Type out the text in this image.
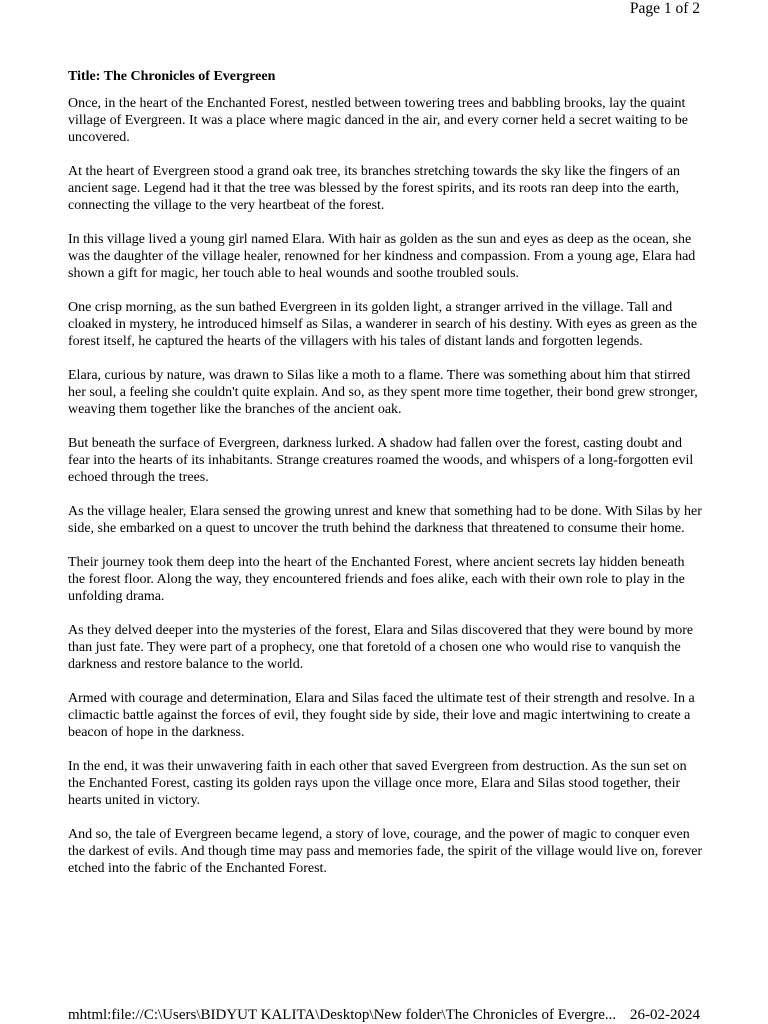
Page 1 of 2
Title: The Chronicles of Evergreen

Once, in the heart of the Enchanted Forest, nestled between towering trees and babbling brooks, lay the quaint village of Evergreen. It was a place where magic danced in the air, and every corner held a secret waiting to be uncovered.

At the heart of Evergreen stood a grand oak tree, its branches stretching towards the sky like the fingers of an ancient sage. Legend had it that the tree was blessed by the forest spirits, and its roots ran deep into the earth, connecting the village to the very heartbeat of the forest.

In this village lived a young girl named Elara. With hair as golden as the sun and eyes as deep as the ocean, she was the daughter of the village healer, renowned for her kindness and compassion. From a young age, Elara had shown a gift for magic, her touch able to heal wounds and soothe troubled souls.

One crisp morning, as the sun bathed Evergreen in its golden light, a stranger arrived in the village. Tall and cloaked in mystery, he introduced himself as Silas, a wanderer in search of his destiny. With eyes as green as the forest itself, he captured the hearts of the villagers with his tales of distant lands and forgotten legends.

Elara, curious by nature, was drawn to Silas like a moth to a flame. There was something about him that stirred her soul, a feeling she couldn't quite explain. And so, as they spent more time together, their bond grew stronger, weaving them together like the branches of the ancient oak.

But beneath the surface of Evergreen, darkness lurked. A shadow had fallen over the forest, casting doubt and fear into the hearts of its inhabitants. Strange creatures roamed the woods, and whispers of a long-forgotten evil echoed through the trees.

As the village healer, Elara sensed the growing unrest and knew that something had to be done. With Silas by her side, she embarked on a quest to uncover the truth behind the darkness that threatened to consume their home.

Their journey took them deep into the heart of the Enchanted Forest, where ancient secrets lay hidden beneath the forest floor. Along the way, they encountered friends and foes alike, each with their own role to play in the unfolding drama.

As they delved deeper into the mysteries of the forest, Elara and Silas discovered that they were bound by more than just fate. They were part of a prophecy, one that foretold of a chosen one who would rise to vanquish the darkness and restore balance to the world.

Armed with courage and determination, Elara and Silas faced the ultimate test of their strength and resolve. In a climactic battle against the forces of evil, they fought side by side, their love and magic intertwining to create a beacon of hope in the darkness.

In the end, it was their unwavering faith in each other that saved Evergreen from destruction. As the sun set on the Enchanted Forest, casting its golden rays upon the village once more, Elara and Silas stood together, their hearts united in victory.

And so, the tale of Evergreen became legend, a story of love, courage, and the power of magic to conquer even the darkest of evils. And though time may pass and memories fade, the spirit of the village would live on, forever etched into the fabric of the Enchanted Forest.

mhtml:file://C:\Users\BIDYUT KALITA\Desktop\New folder\The Chronicles of Evergre... 26-02-2024
